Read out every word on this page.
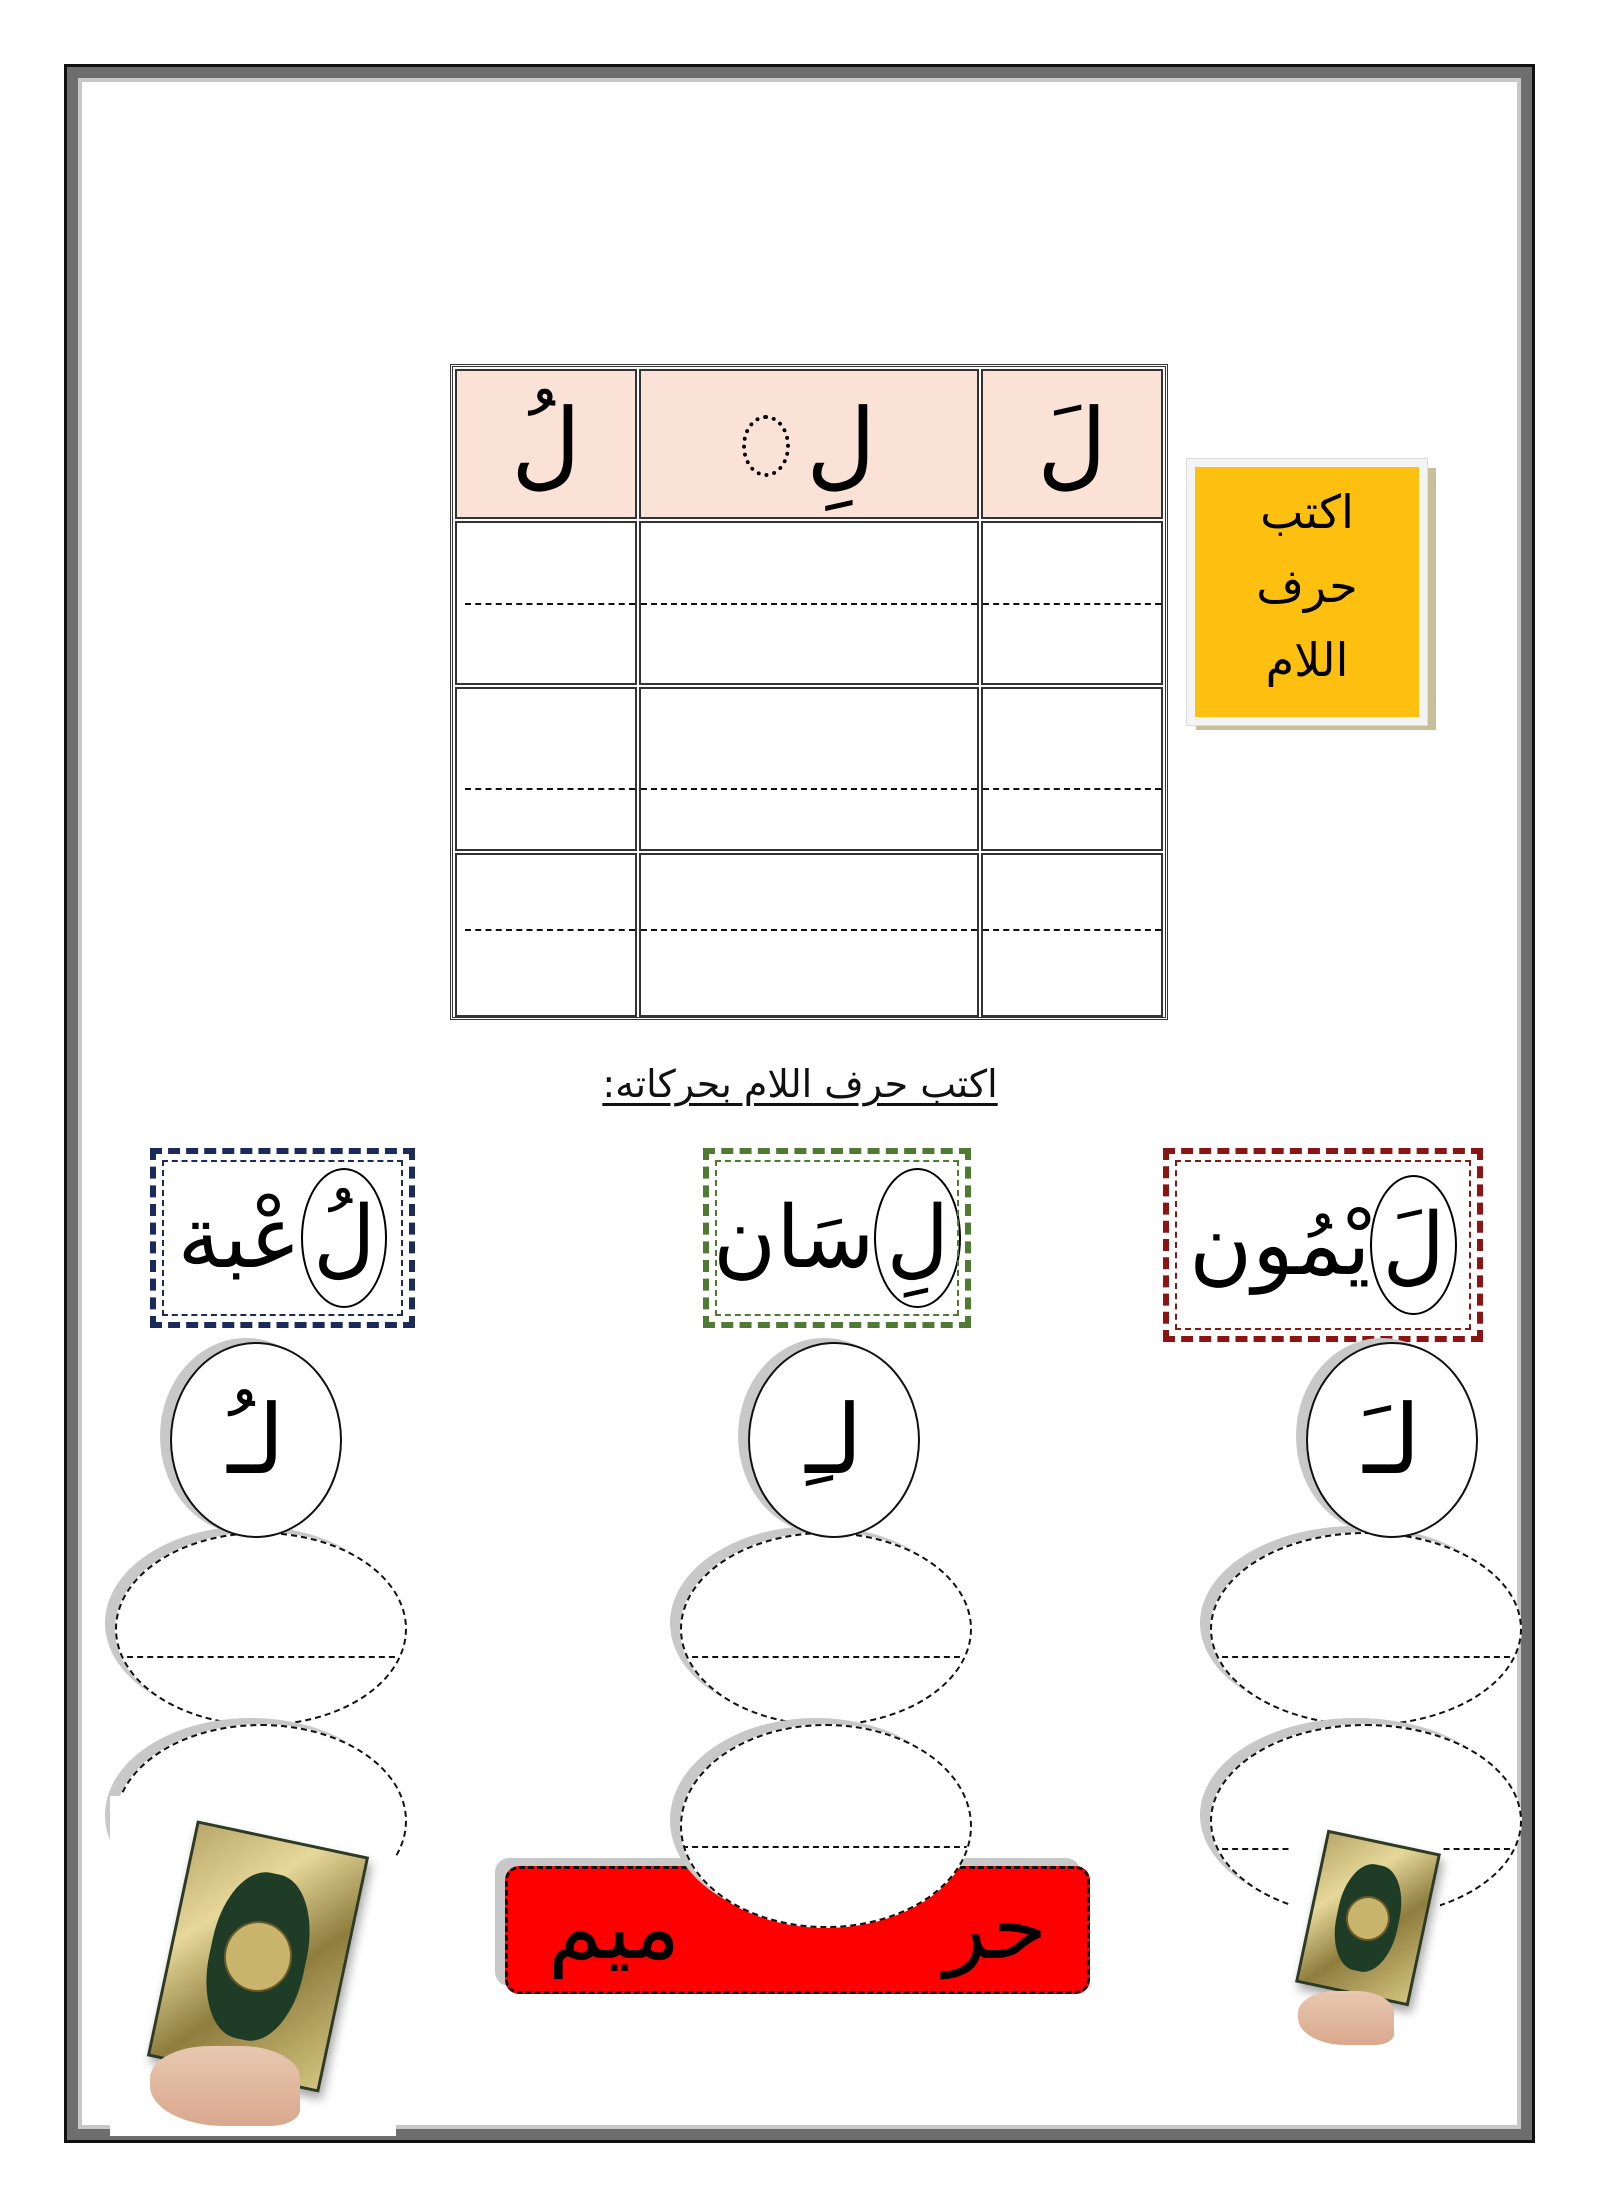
لُ	لِ	لَ

اكتب
حرف
اللام
اكتب حرف اللام بحركاته:
لُ
عْبة	لِ
سَان	لَ
يْمُون
لـُ	لـِ	لـَ
حر
ميم
